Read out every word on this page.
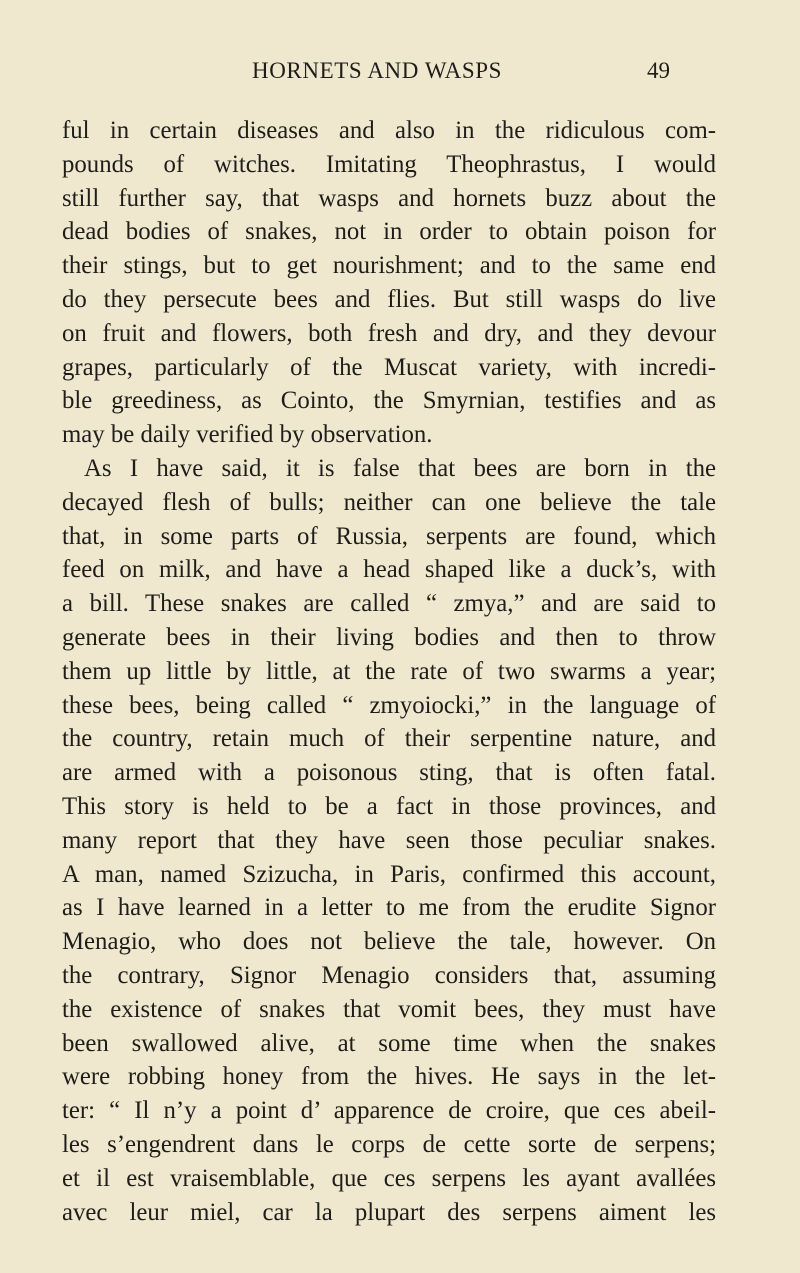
HORNETS AND WASPS	49
ful in certain diseases and also in the ridiculous com-
pounds of witches. Imitating Theophrastus, I would
still further say, that wasps and hornets buzz about the
dead bodies of snakes, not in order to obtain poison for
their stings, but to get nourishment; and to the same end
do they persecute bees and flies. But still wasps do live
on fruit and flowers, both fresh and dry, and they devour
grapes, particularly of the Muscat variety, with incredi-
ble greediness, as Cointo, the Smyrnian, testifies and as
may be daily verified by observation.
As I have said, it is false that bees are born in the
decayed flesh of bulls; neither can one believe the tale
that, in some parts of Russia, serpents are found, which
feed on milk, and have a head shaped like a duck’s, with
a bill. These snakes are called “ zmya,” and are said to
generate bees in their living bodies and then to throw
them up little by little, at the rate of two swarms a year;
these bees, being called “ zmyoiocki,” in the language of
the country, retain much of their serpentine nature, and
are armed with a poisonous sting, that is often fatal.
This story is held to be a fact in those provinces, and
many report that they have seen those peculiar snakes.
A man, named Szizucha, in Paris, confirmed this account,
as I have learned in a letter to me from the erudite Signor
Menagio, who does not believe the tale, however. On
the contrary, Signor Menagio considers that, assuming
the existence of snakes that vomit bees, they must have
been swallowed alive, at some time when the snakes
were robbing honey from the hives. He says in the let-
ter: “ Il n’y a point d’ apparence de croire, que ces abeil-
les s’engendrent dans le corps de cette sorte de serpens;
et il est vraisemblable, que ces serpens les ayant avallées
avec leur miel, car la plupart des serpens aiment les
